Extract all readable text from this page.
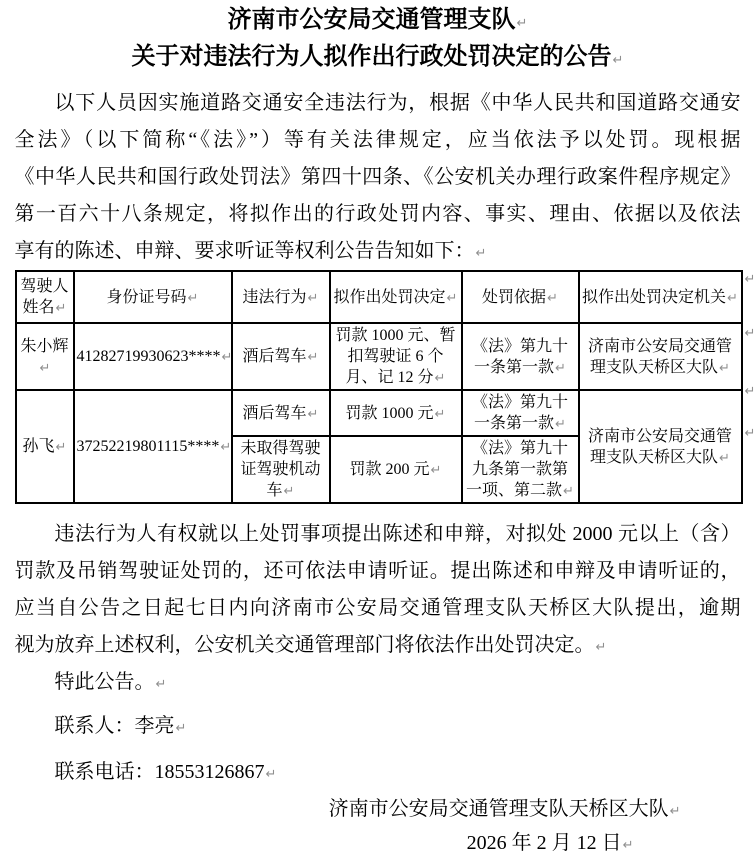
济南市公安局交通管理支队↵
关于对违法行为人拟作出行政处罚决定的公告↵
以下人员因实施道路交通安全违法行为，根据《中华人民共和国道路交通安
全法》（以下简称“《法》”）等有关法律规定，应当依法予以处罚。现根据
《中华人民共和国行政处罚法》第四十四条、《公安机关办理行政案件程序规定》
第一百六十八条规定，将拟作出的行政处罚内容、事实、理由、依据以及依法
享有的陈述、申辩、要求听证等权利公告告知如下：↵
驾驶人姓名↵	身份证号码↵	违法行为↵	拟作出处罚决定↵	处罚依据↵	拟作出处罚决定机关↵
朱小辉↵	41282719930623****↵	酒后驾车↵	罚款 1000 元、暂扣驾驶证 6 个月、记 12 分↵	《法》第九十一条第一款↵	济南市公安局交通管理支队天桥区大队↵
孙飞↵	37252219801115****↵	酒后驾车↵	罚款 1000 元↵	《法》第九十一条第一款↵	济南市公安局交通管理支队天桥区大队↵
		未取得驾驶证驾驶机动车↵	罚款 200 元↵	《法》第九十九条第一款第一项、第二款↵	
违法行为人有权就以上处罚事项提出陈述和申辩，对拟处 2000 元以上（含）
罚款及吊销驾驶证处罚的，还可依法申请听证。提出陈述和申辩及申请听证的，
应当自公告之日起七日内向济南市公安局交通管理支队天桥区大队提出，逾期
视为放弃上述权利，公安机关交通管理部门将依法作出处罚决定。↵
特此公告。↵
联系人：李亮↵
联系电话：18553126867↵
济南市公安局交通管理支队天桥区大队↵
2026 年 2 月 12 日↵
↵
↵
↵
↵
